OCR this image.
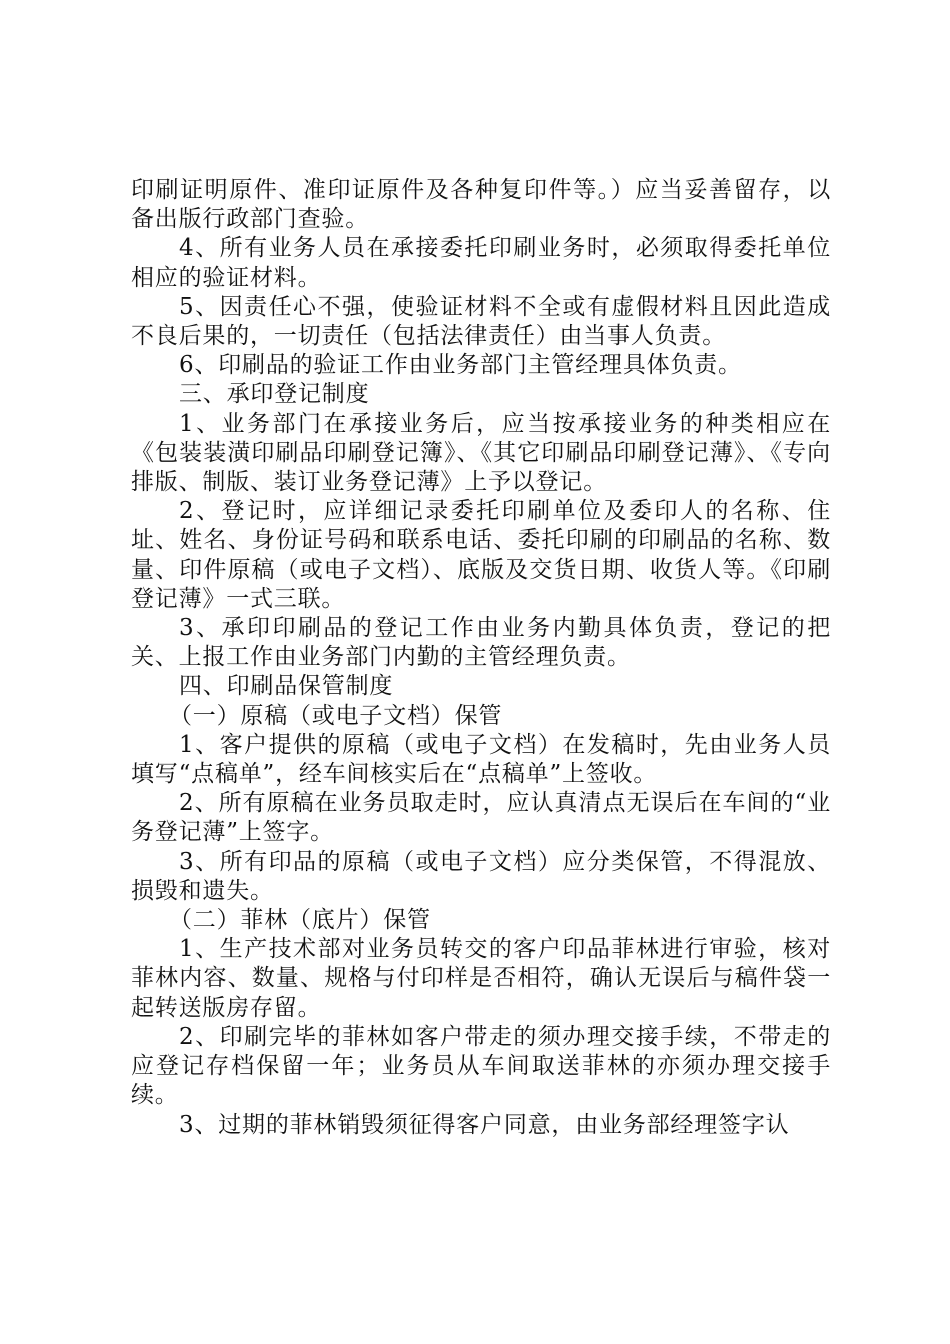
印刷证明原件、准印证原件及各种复印件等。）应当妥善留存，以备出版行政部门查验。

4、所有业务人员在承接委托印刷业务时，必须取得委托单位相应的验证材料。

5、因责任心不强，使验证材料不全或有虚假材料且因此造成不良后果的，一切责任（包括法律责任）由当事人负责。

6、印刷品的验证工作由业务部门主管经理具体负责。

三、承印登记制度

1、业务部门在承接业务后，应当按承接业务的种类相应在《包装装潢印刷品印刷登记簿》、《其它印刷品印刷登记薄》、《专向排版、制版、装订业务登记薄》上予以登记。

2、登记时，应详细记录委托印刷单位及委印人的名称、住址、姓名、身份证号码和联系电话、委托印刷的印刷品的名称、数量、印件原稿（或电子文档）、底版及交货日期、收货人等。《印刷登记薄》一式三联。

3、承印印刷品的登记工作由业务内勤具体负责，登记的把关、上报工作由业务部门内勤的主管经理负责。

四、印刷品保管制度

（一）原稿（或电子文档）保管

1、客户提供的原稿（或电子文档）在发稿时，先由业务人员填写“点稿单”，经车间核实后在“点稿单”上签收。

2、所有原稿在业务员取走时，应认真清点无误后在车间的“业务登记薄”上签字。

3、所有印品的原稿（或电子文档）应分类保管，不得混放、损毁和遗失。

（二）菲林（底片）保管

1、生产技术部对业务员转交的客户印品菲林进行审验，核对菲林内容、数量、规格与付印样是否相符，确认无误后与稿件袋一起转送版房存留。

2、印刷完毕的菲林如客户带走的须办理交接手续，不带走的应登记存档保留一年；业务员从车间取送菲林的亦须办理交接手续。

3、过期的菲林销毁须征得客户同意，由业务部经理签字认
